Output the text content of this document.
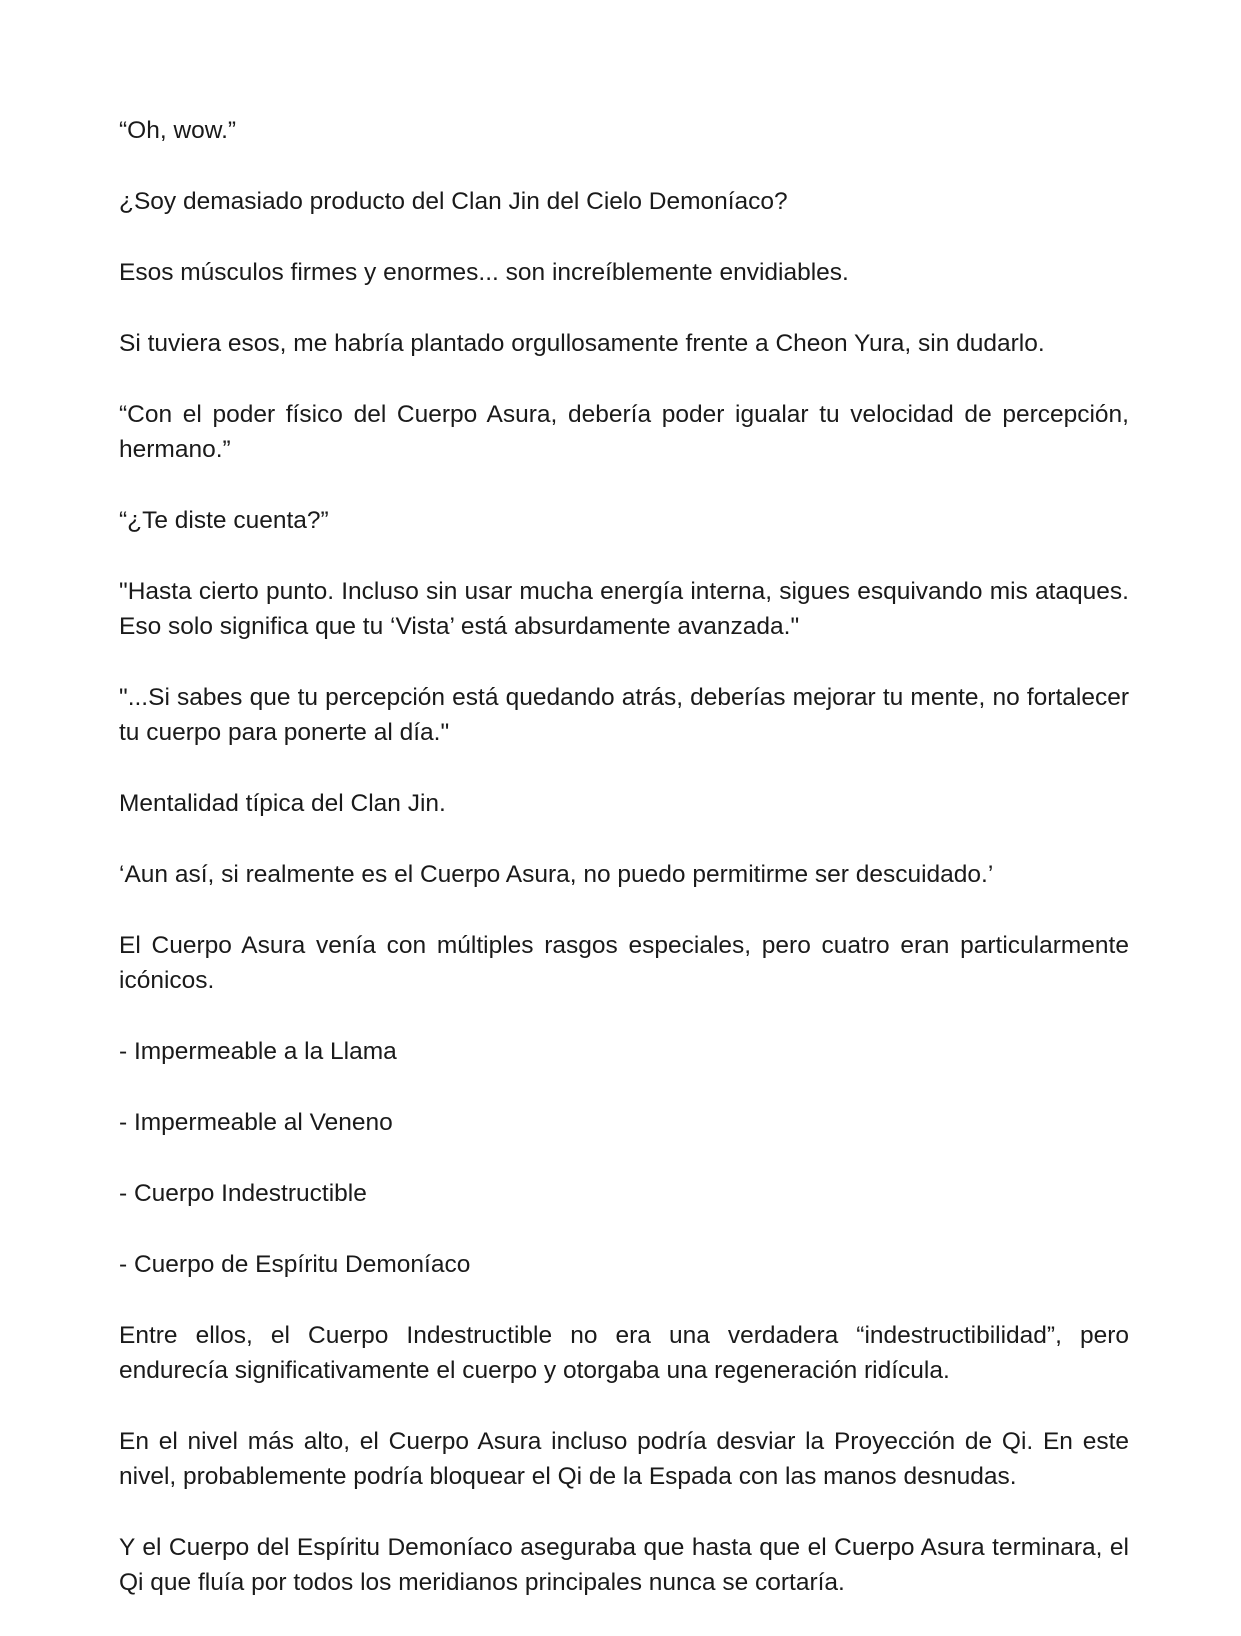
“Oh, wow.”

¿Soy demasiado producto del Clan Jin del Cielo Demoníaco?

Esos músculos firmes y enormes... son increíblemente envidiables.

Si tuviera esos, me habría plantado orgullosamente frente a Cheon Yura, sin dudarlo.

“Con el poder físico del Cuerpo Asura, debería poder igualar tu velocidad de percepción, hermano.”

“¿Te diste cuenta?”

"Hasta cierto punto. Incluso sin usar mucha energía interna, sigues esquivando mis ataques. Eso solo significa que tu ‘Vista’ está absurdamente avanzada."

"...Si sabes que tu percepción está quedando atrás, deberías mejorar tu mente, no fortalecer tu cuerpo para ponerte al día."

Mentalidad típica del Clan Jin.

‘Aun así, si realmente es el Cuerpo Asura, no puedo permitirme ser descuidado.’

El Cuerpo Asura venía con múltiples rasgos especiales, pero cuatro eran particularmente icónicos.

- Impermeable a la Llama

- Impermeable al Veneno

- Cuerpo Indestructible

- Cuerpo de Espíritu Demoníaco

Entre ellos, el Cuerpo Indestructible no era una verdadera “indestructibilidad”, pero endurecía significativamente el cuerpo y otorgaba una regeneración ridícula.

En el nivel más alto, el Cuerpo Asura incluso podría desviar la Proyección de Qi. En este nivel, probablemente podría bloquear el Qi de la Espada con las manos desnudas.

Y el Cuerpo del Espíritu Demoníaco aseguraba que hasta que el Cuerpo Asura terminara, el Qi que fluía por todos los meridianos principales nunca se cortaría.
